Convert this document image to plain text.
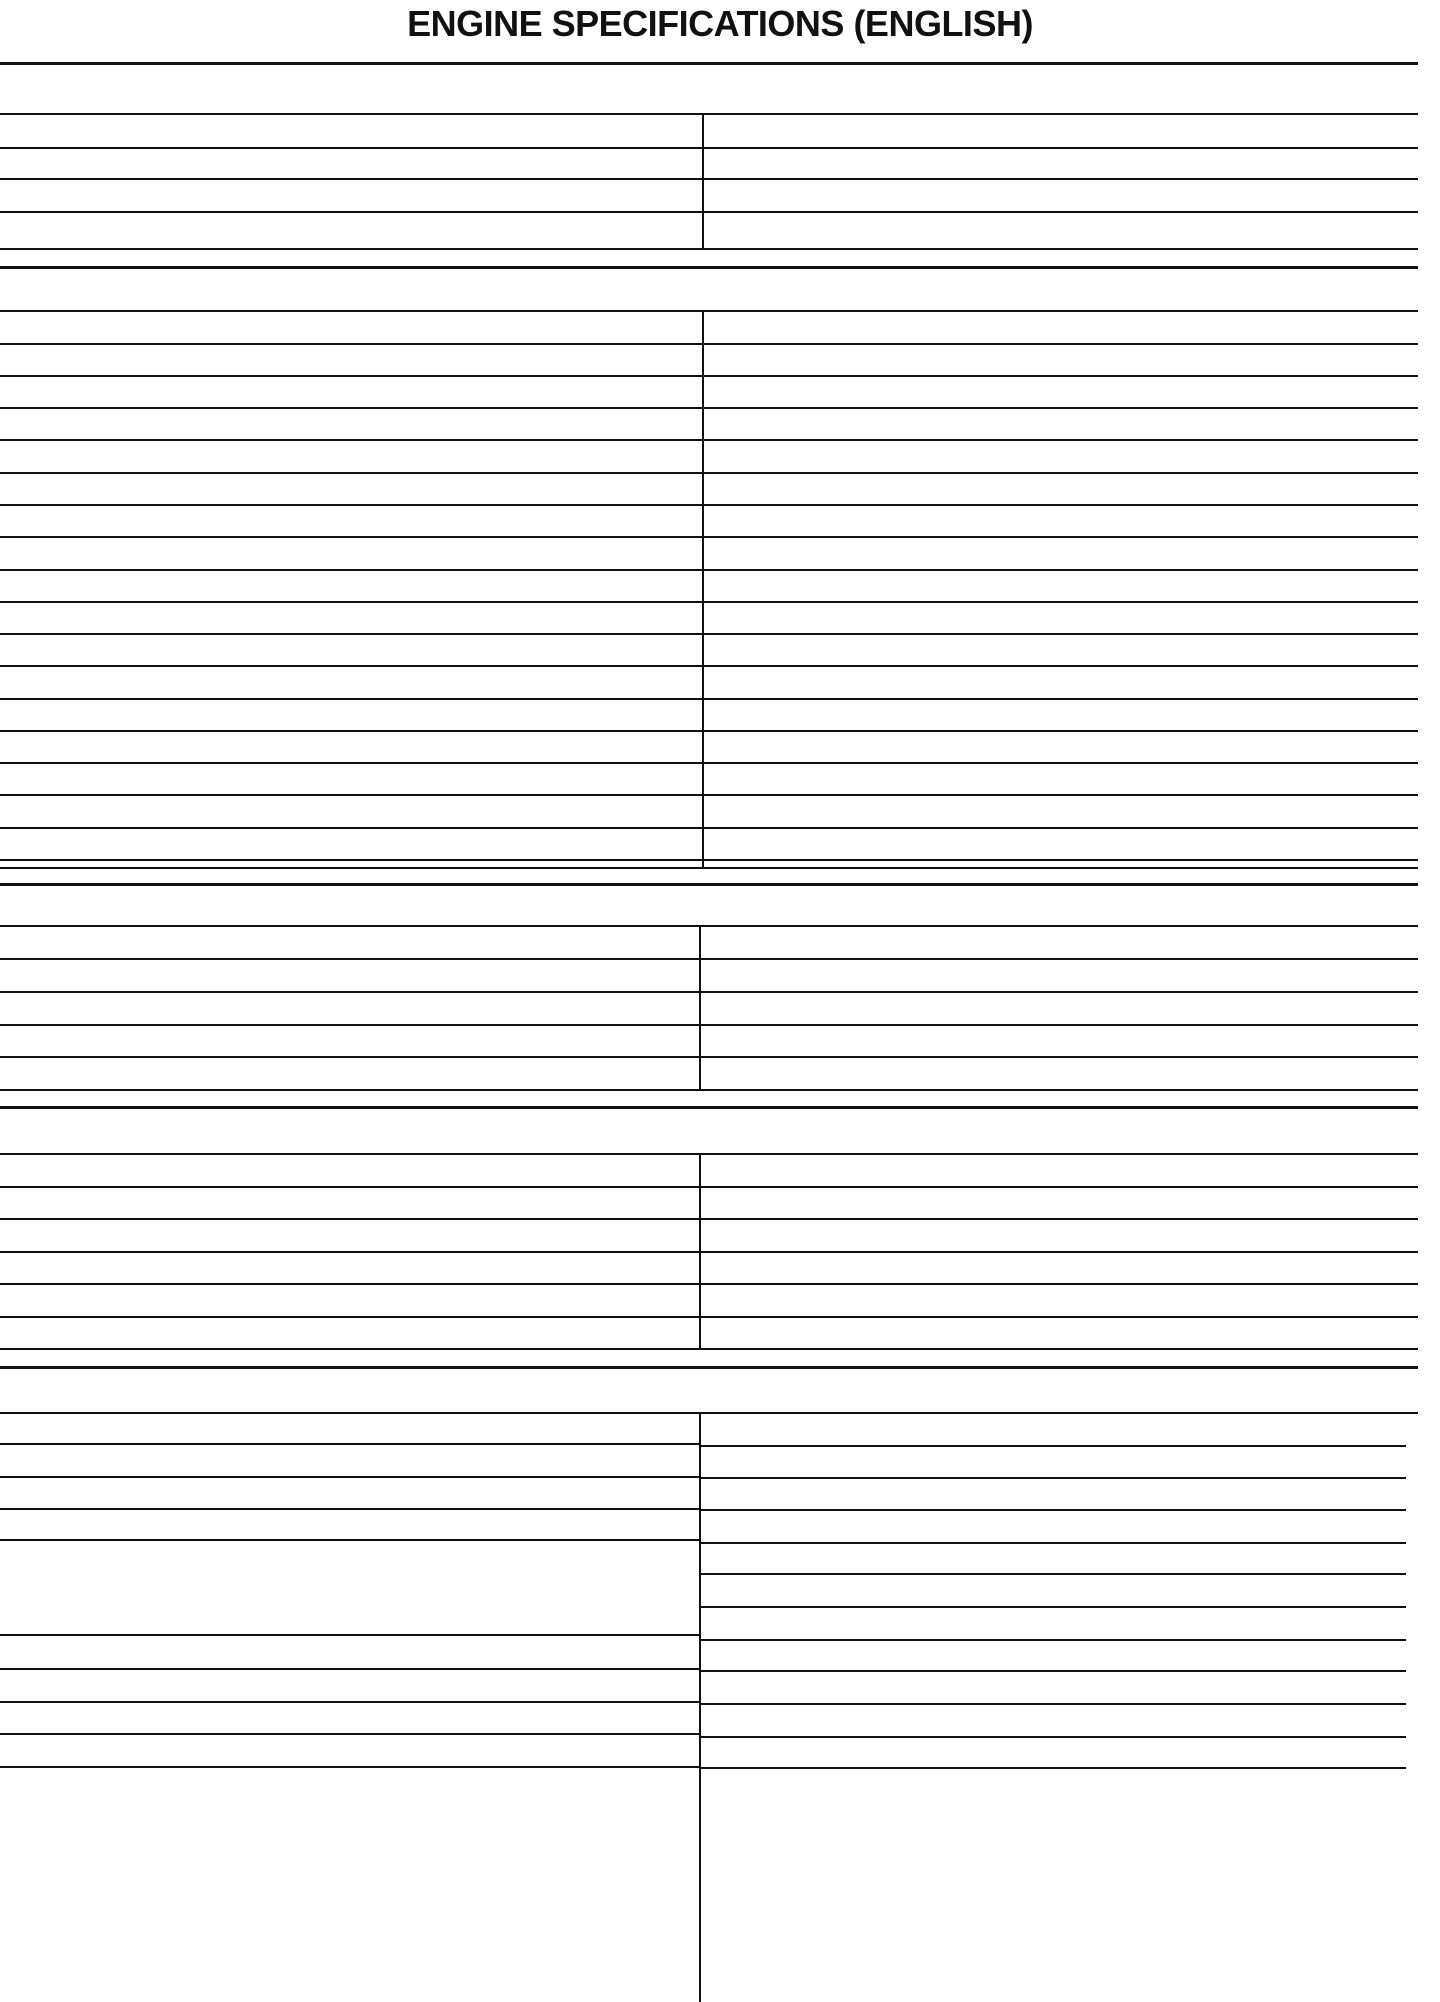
ENGINE SPECIFICATIONS (ENGLISH)
